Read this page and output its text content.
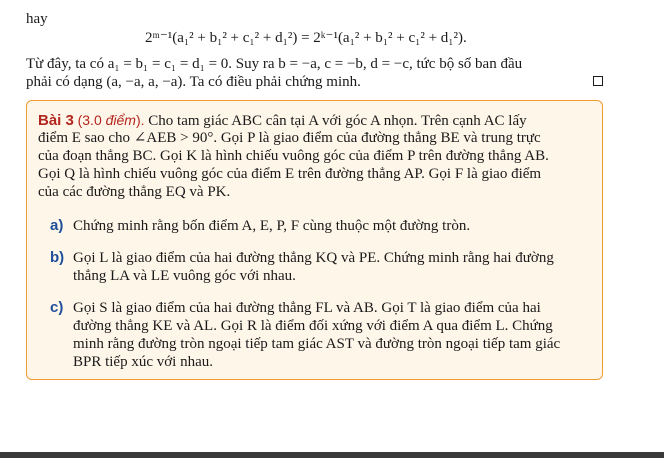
hay
2ᵐ⁻¹(a₁² + b₁² + c₁² + d₁²) = 2ᵏ⁻¹(a₁² + b₁² + c₁² + d₁²).
Từ đây, ta có a₁ = b₁ = c₁ = d₁ = 0. Suy ra b = −a, c = −b, d = −c, tức bộ số ban đầu
phải có dạng (a, −a, a, −a). Ta có điều phải chứng minh.
Bài 3 (3.0 điểm). Cho tam giác ABC cân tại A với góc A nhọn. Trên cạnh AC lấy
điểm E sao cho ∠AEB > 90°. Gọi P là giao điểm của đường thẳng BE và trung trực
của đoạn thẳng BC. Gọi K là hình chiếu vuông góc của điểm P trên đường thẳng AB.
Gọi Q là hình chiếu vuông góc của điểm E trên đường thẳng AP. Gọi F là giao điểm
của các đường thẳng EQ và PK.
a) Chứng minh rằng bốn điểm A, E, P, F cùng thuộc một đường tròn.
b) Gọi L là giao điểm của hai đường thẳng KQ và PE. Chứng minh rằng hai đường
thẳng LA và LE vuông góc với nhau.
c) Gọi S là giao điểm của hai đường thẳng FL và AB. Gọi T là giao điểm của hai
đường thẳng KE và AL. Gọi R là điểm đối xứng với điểm A qua điểm L. Chứng
minh rằng đường tròn ngoại tiếp tam giác AST và đường tròn ngoại tiếp tam giác
BPR tiếp xúc với nhau.
